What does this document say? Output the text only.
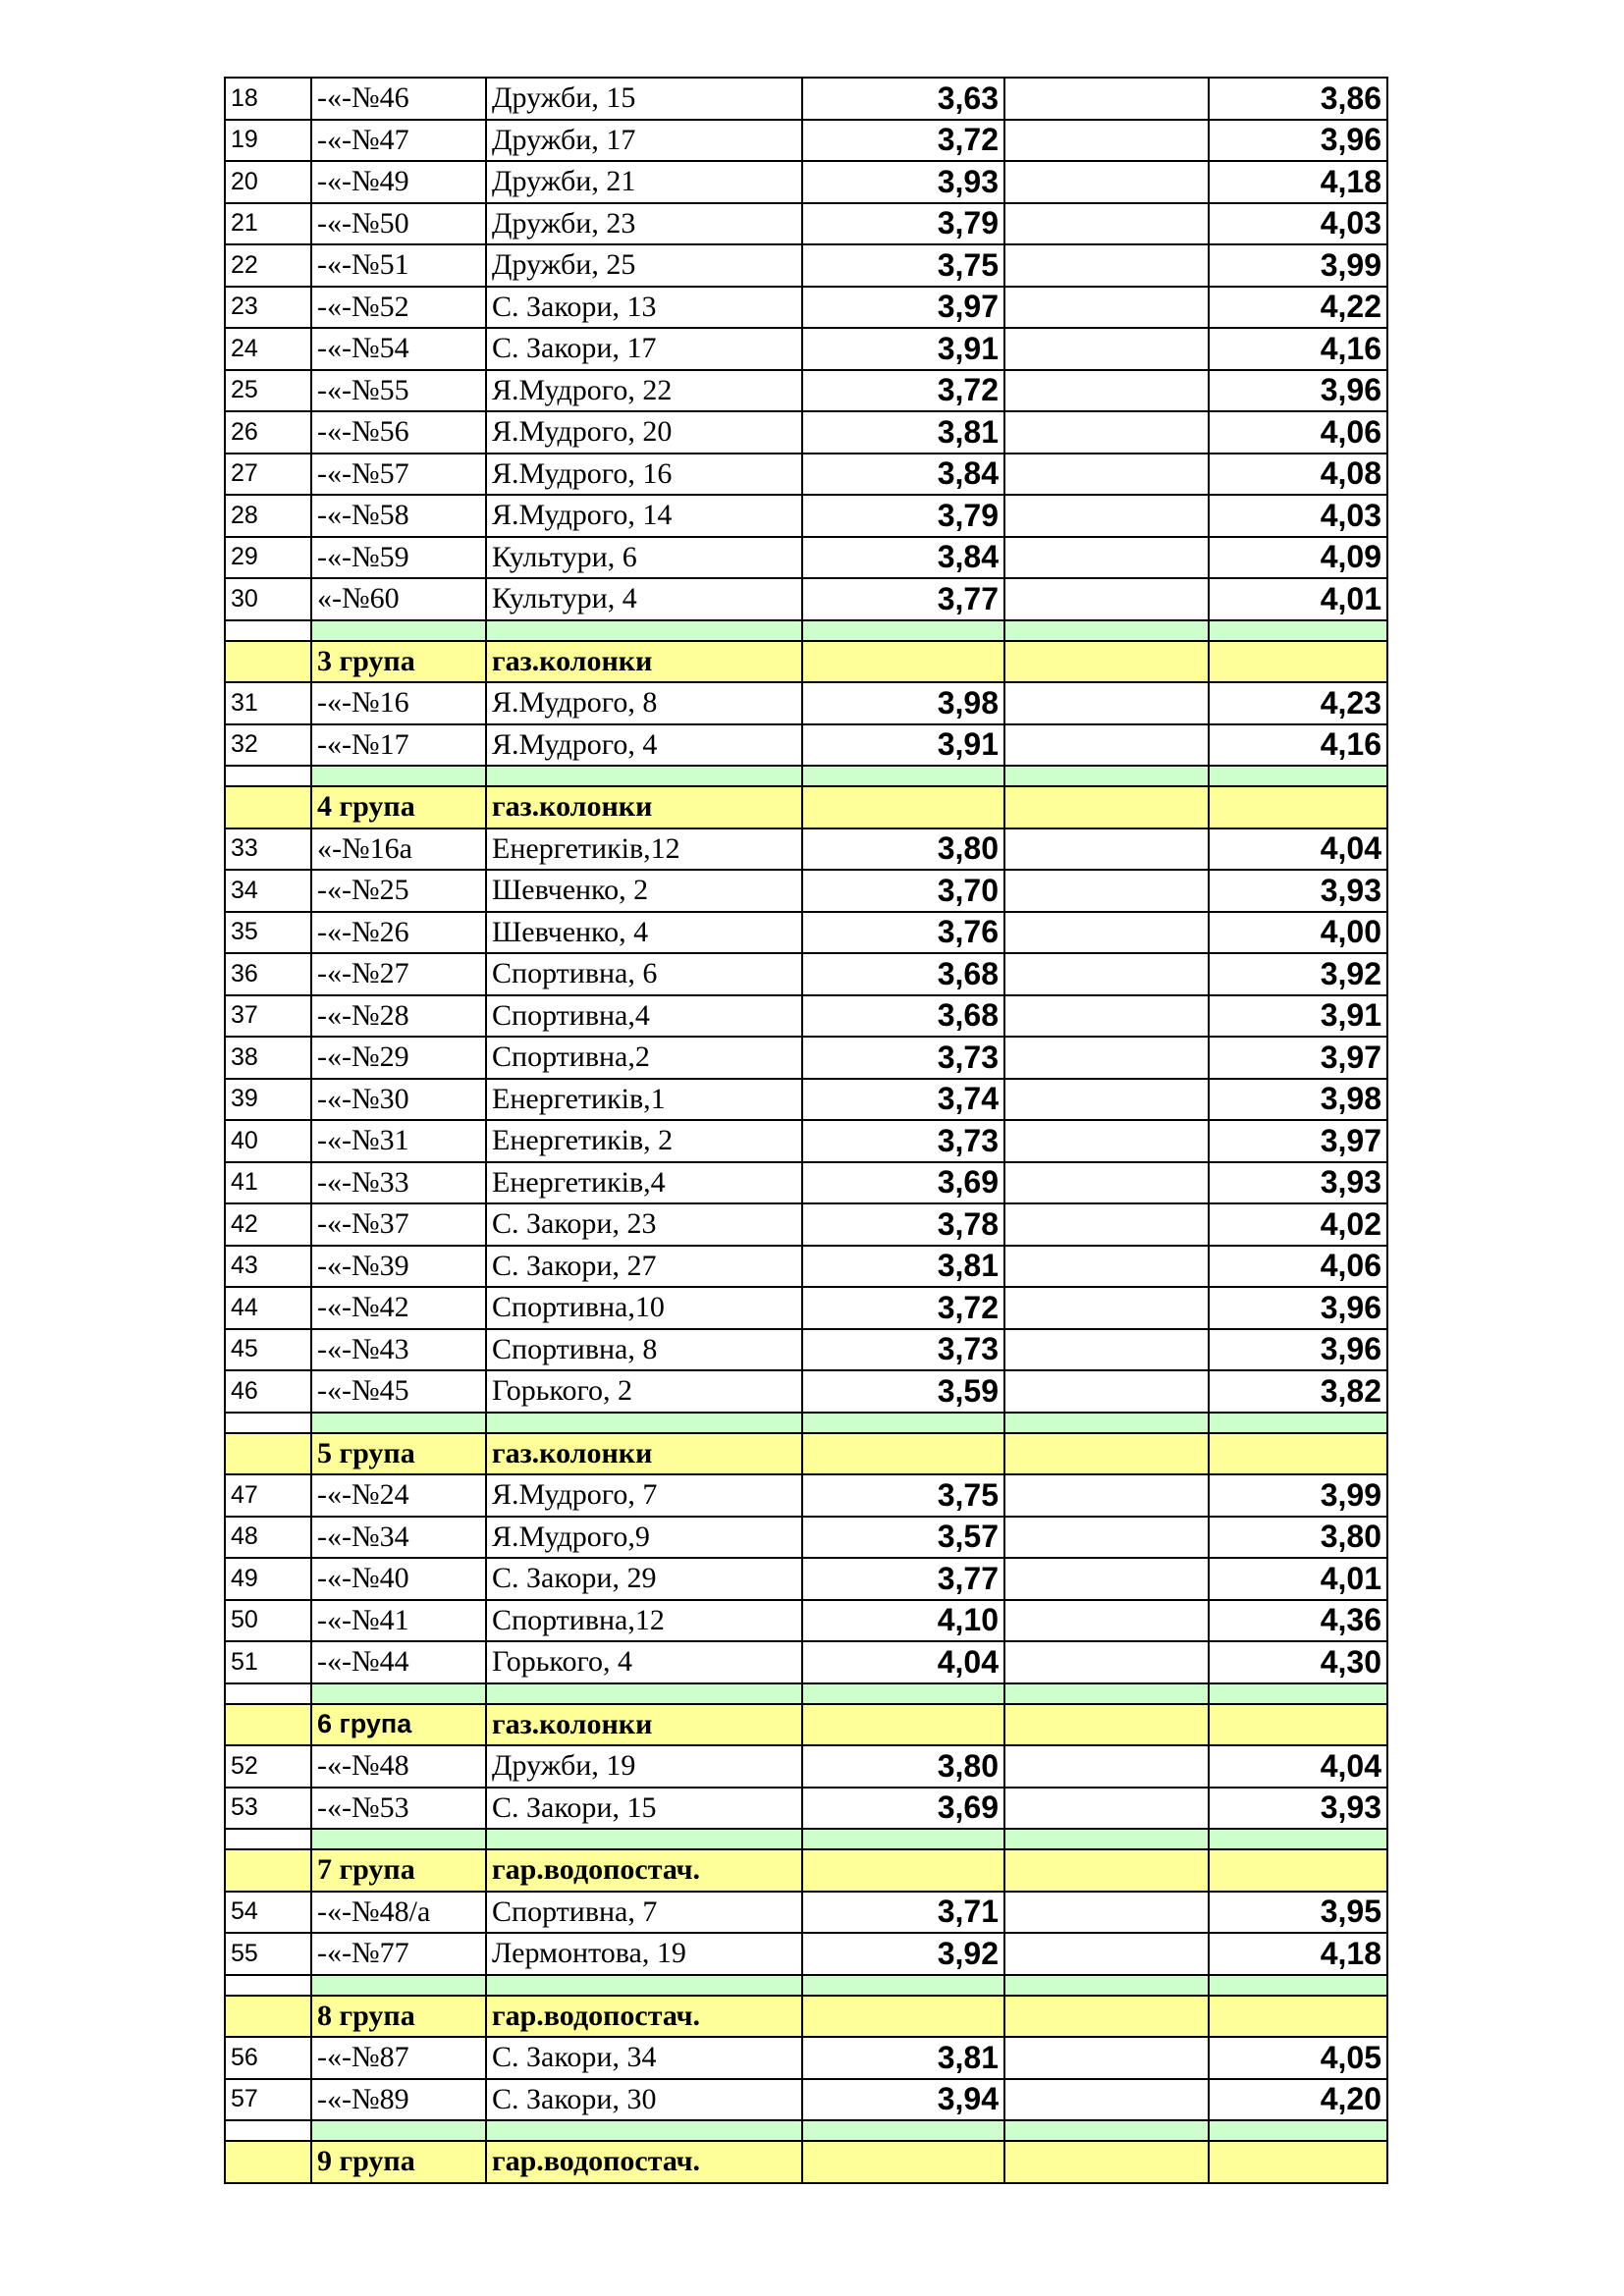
18	-«-№46	Дружби, 15	3,63		3,86
19	-«-№47	Дружби, 17	3,72		3,96
20	-«-№49	Дружби, 21	3,93		4,18
21	-«-№50	Дружби, 23	3,79		4,03
22	-«-№51	Дружби, 25	3,75		3,99
23	-«-№52	С. Закори, 13	3,97		4,22
24	-«-№54	С. Закори, 17	3,91		4,16
25	-«-№55	Я.Мудрого, 22	3,72		3,96
26	-«-№56	Я.Мудрого, 20	3,81		4,06
27	-«-№57	Я.Мудрого, 16	3,84		4,08
28	-«-№58	Я.Мудрого, 14	3,79		4,03
29	-«-№59	Культури, 6	3,84		4,09
30	«-№60	Культури, 4	3,77		4,01

	3 група	газ.колонки			
31	-«-№16	Я.Мудрого, 8	3,98		4,23
32	-«-№17	Я.Мудрого, 4	3,91		4,16

	4 група	газ.колонки			
33	«-№16а	Енергетиків,12	3,80		4,04
34	-«-№25	Шевченко, 2	3,70		3,93
35	-«-№26	Шевченко, 4	3,76		4,00
36	-«-№27	Спортивна, 6	3,68		3,92
37	-«-№28	Спортивна,4	3,68		3,91
38	-«-№29	Спортивна,2	3,73		3,97
39	-«-№30	Енергетиків,1	3,74		3,98
40	-«-№31	Енергетиків, 2	3,73		3,97
41	-«-№33	Енергетиків,4	3,69		3,93
42	-«-№37	С. Закори, 23	3,78		4,02
43	-«-№39	С. Закори, 27	3,81		4,06
44	-«-№42	Спортивна,10	3,72		3,96
45	-«-№43	Спортивна, 8	3,73		3,96
46	-«-№45	Горького, 2	3,59		3,82

	5 група	газ.колонки			
47	-«-№24	Я.Мудрого, 7	3,75		3,99
48	-«-№34	Я.Мудрого,9	3,57		3,80
49	-«-№40	С. Закори, 29	3,77		4,01
50	-«-№41	Спортивна,12	4,10		4,36
51	-«-№44	Горького, 4	4,04		4,30

	6 група	газ.колонки			
52	-«-№48	Дружби, 19	3,80		4,04
53	-«-№53	С. Закори, 15	3,69		3,93

	7 група	гар.водопостач.			
54	-«-№48/а	Спортивна, 7	3,71		3,95
55	-«-№77	Лермонтова, 19	3,92		4,18

	8 група	гар.водопостач.			
56	-«-№87	С. Закори, 34	3,81		4,05
57	-«-№89	С. Закори, 30	3,94		4,20

	9 група	гар.водопостач.			
